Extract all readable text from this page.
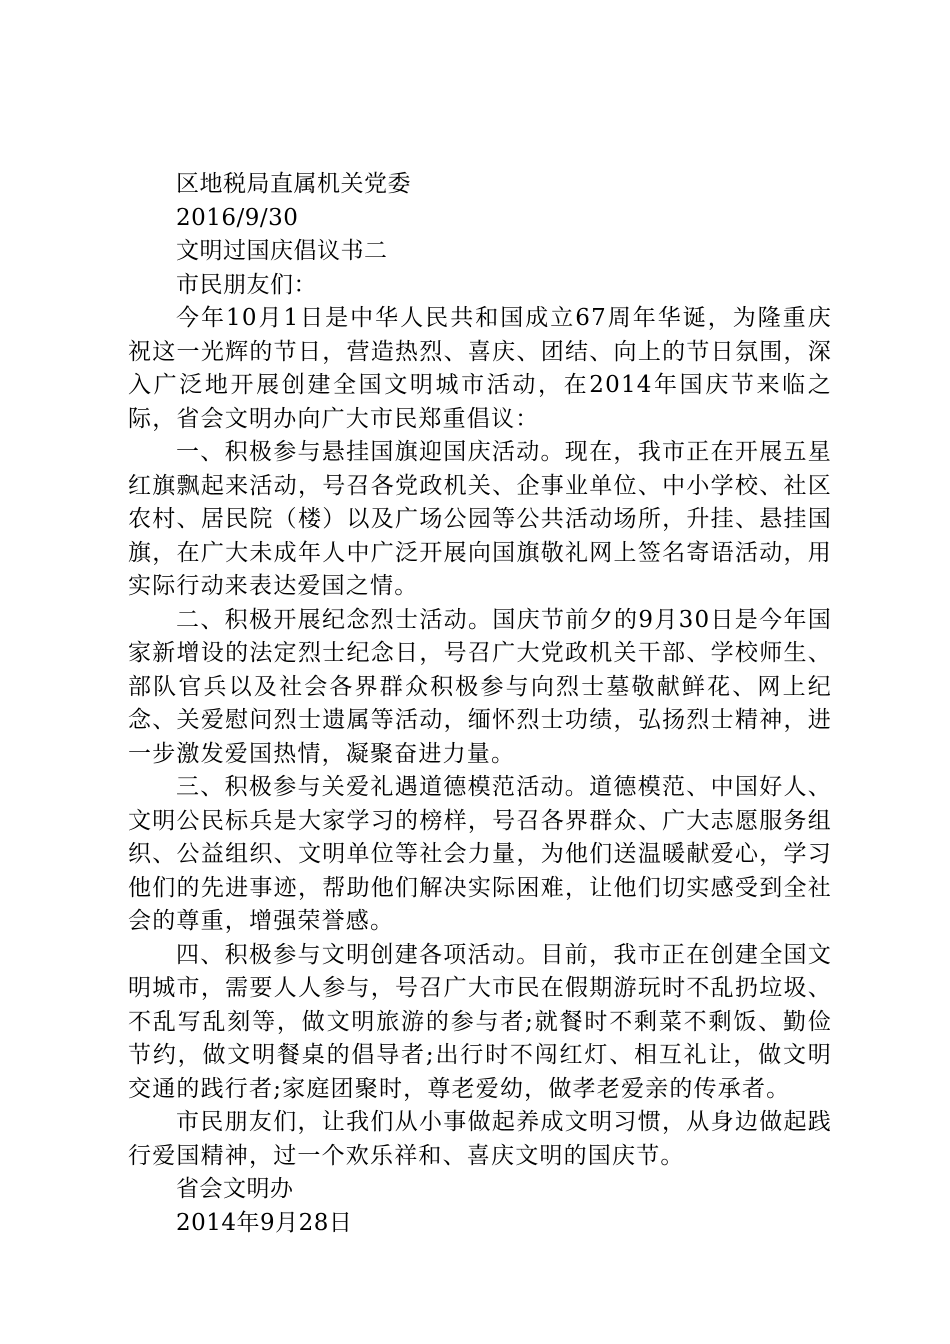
区地税局直属机关党委

2016/9/30

文明过国庆倡议书二

市民朋友们：

今年10月1日是中华人民共和国成立67周年华诞，为隆重庆祝这一光辉的节日，营造热烈、喜庆、团结、向上的节日氛围，深入广泛地开展创建全国文明城市活动，在2014年国庆节来临之际，省会文明办向广大市民郑重倡议：

一、积极参与悬挂国旗迎国庆活动。现在，我市正在开展五星红旗飘起来活动，号召各党政机关、企事业单位、中小学校、社区农村、居民院（楼）以及广场公园等公共活动场所，升挂、悬挂国旗，在广大未成年人中广泛开展向国旗敬礼网上签名寄语活动，用实际行动来表达爱国之情。

二、积极开展纪念烈士活动。国庆节前夕的9月30日是今年国家新增设的法定烈士纪念日，号召广大党政机关干部、学校师生、部队官兵以及社会各界群众积极参与向烈士墓敬献鲜花、网上纪念、关爱慰问烈士遗属等活动，缅怀烈士功绩，弘扬烈士精神，进一步激发爱国热情，凝聚奋进力量。

三、积极参与关爱礼遇道德模范活动。道德模范、中国好人、文明公民标兵是大家学习的榜样，号召各界群众、广大志愿服务组织、公益组织、文明单位等社会力量，为他们送温暖献爱心，学习他们的先进事迹，帮助他们解决实际困难，让他们切实感受到全社会的尊重，增强荣誉感。

四、积极参与文明创建各项活动。目前，我市正在创建全国文明城市，需要人人参与，号召广大市民在假期游玩时不乱扔垃圾、不乱写乱刻等，做文明旅游的参与者;就餐时不剩菜不剩饭、勤俭节约，做文明餐桌的倡导者;出行时不闯红灯、相互礼让，做文明交通的践行者;家庭团聚时，尊老爱幼，做孝老爱亲的传承者。

市民朋友们，让我们从小事做起养成文明习惯，从身边做起践行爱国精神，过一个欢乐祥和、喜庆文明的国庆节。

省会文明办

2014年9月28日
